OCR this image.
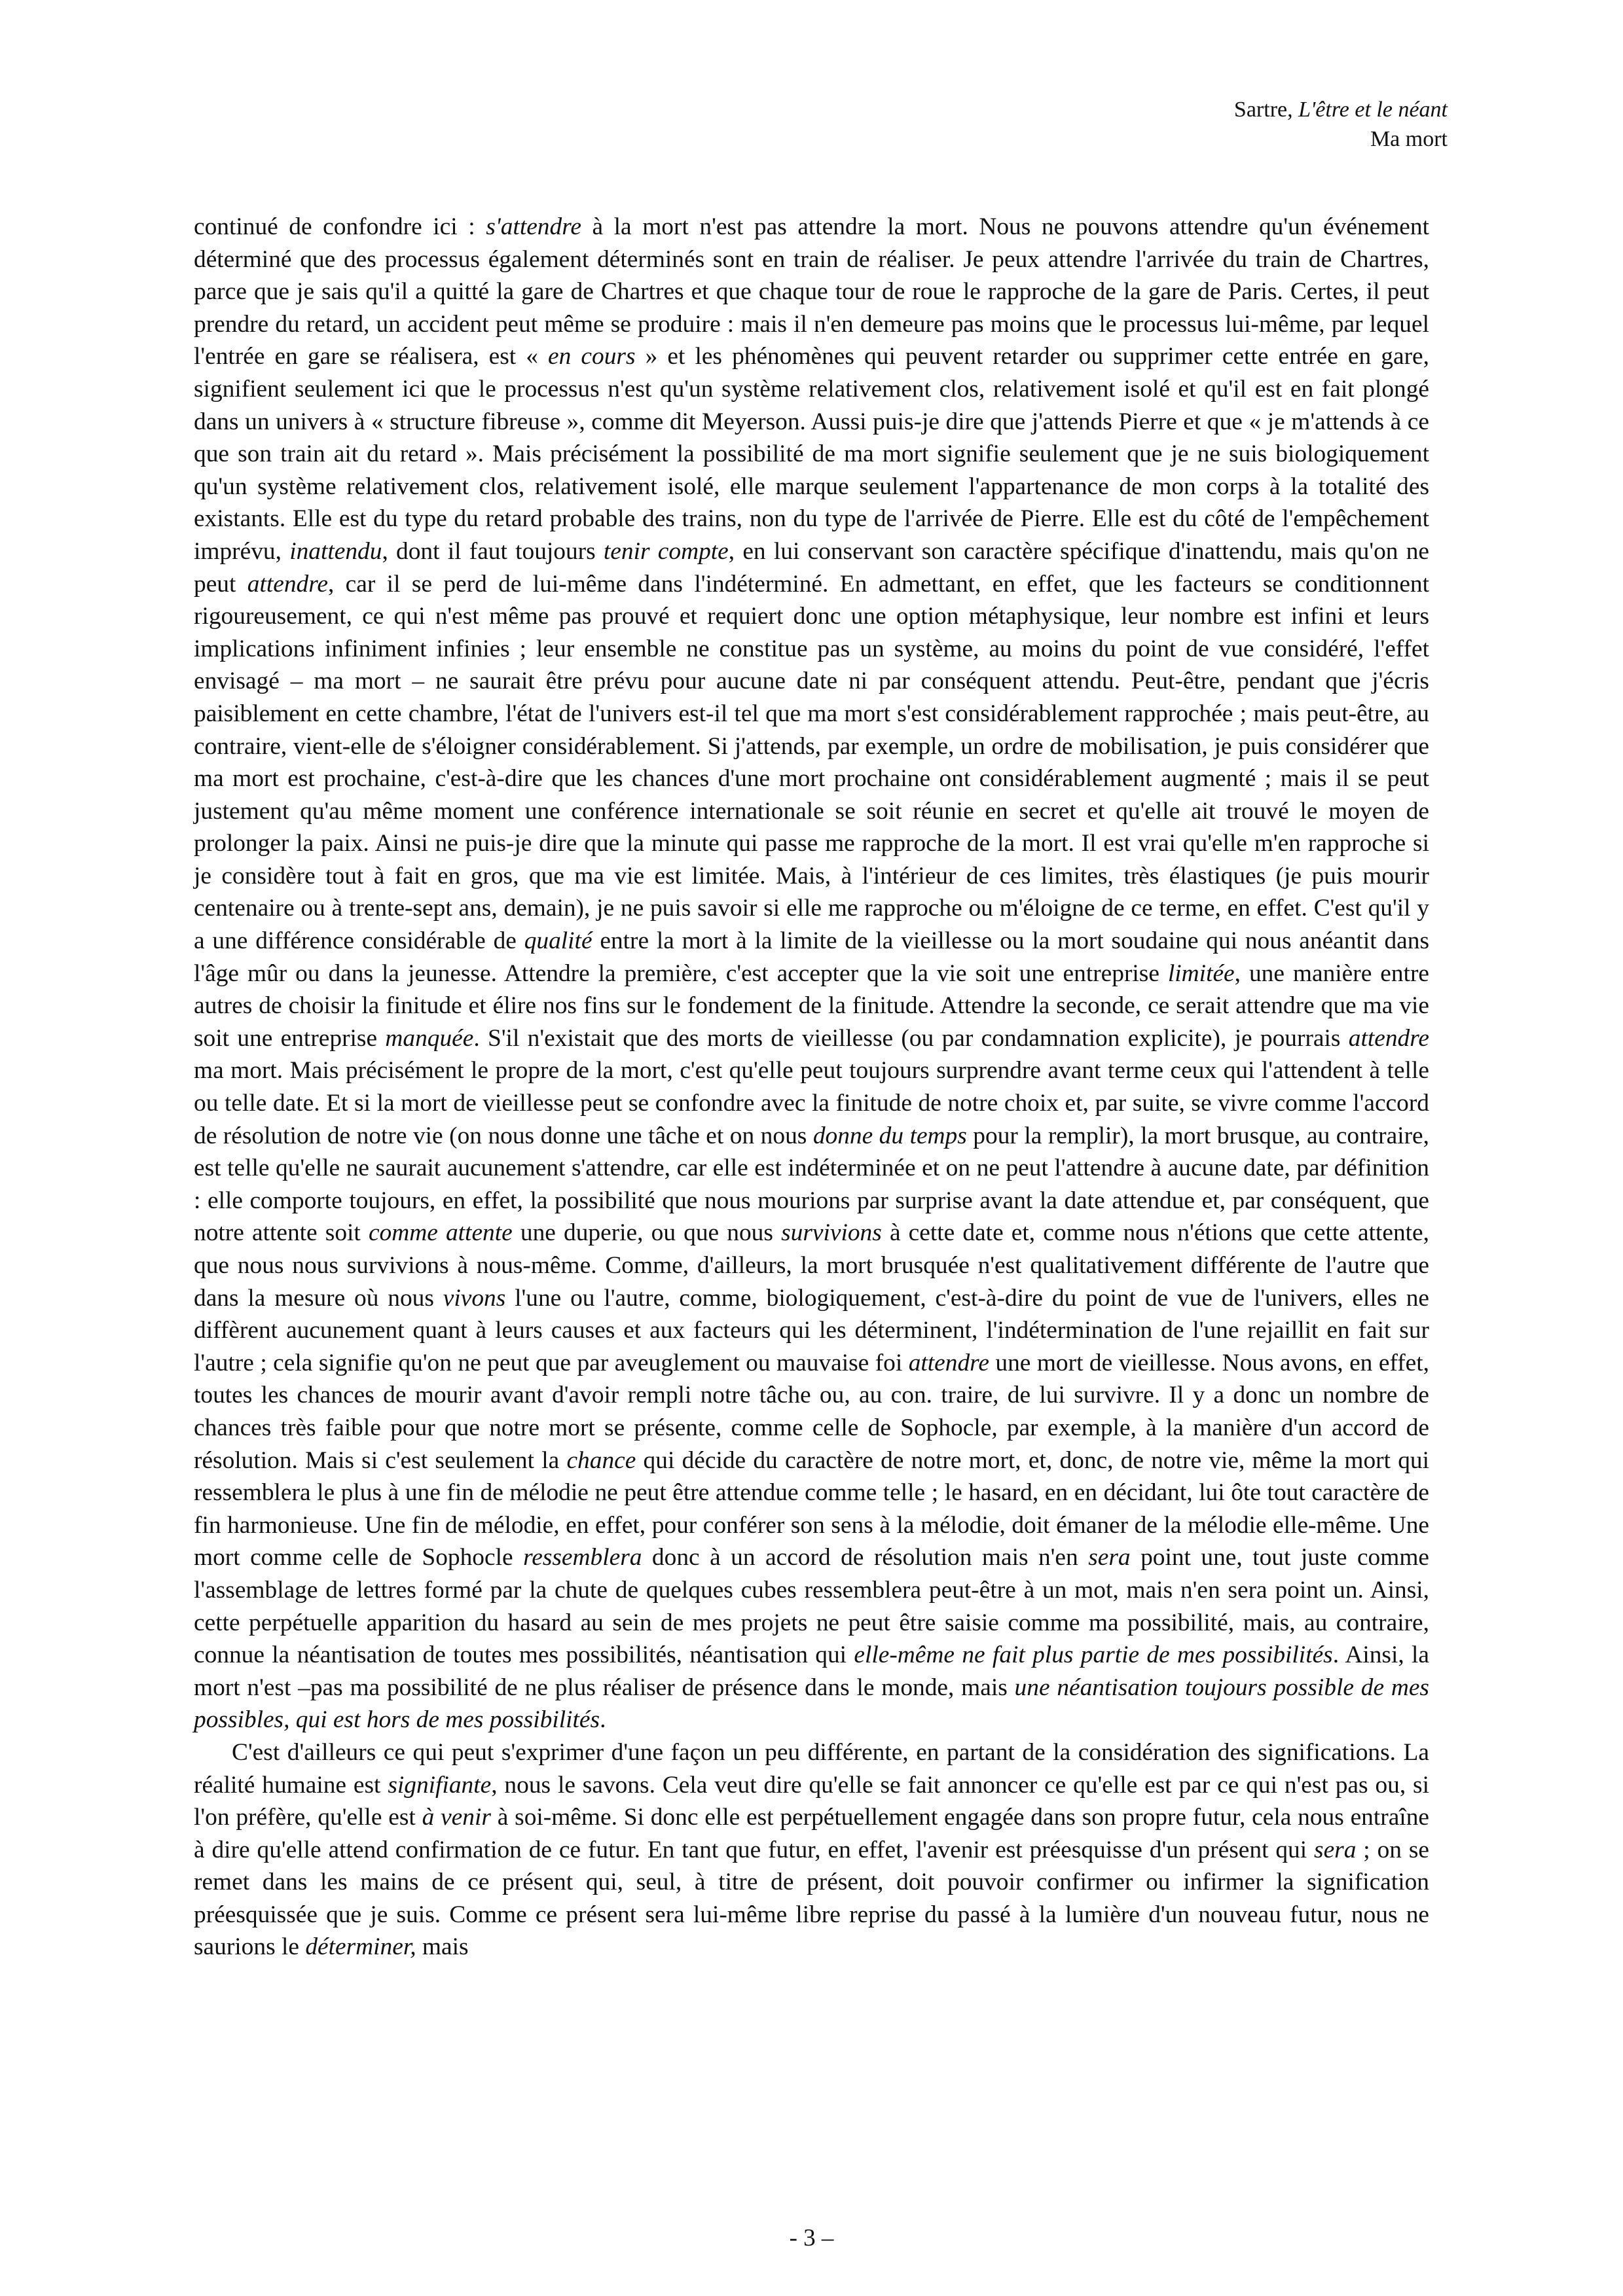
Sartre, L'être et le néant
Ma mort

continué de confondre ici : s'attendre à la mort n'est pas attendre la mort. Nous ne pouvons attendre qu'un événement déterminé que des processus également déterminés sont en train de réaliser. Je peux attendre l'arrivée du train de Chartres, parce que je sais qu'il a quitté la gare de Chartres et que chaque tour de roue le rapproche de la gare de Paris. Certes, il peut prendre du retard, un accident peut même se produire : mais il n'en demeure pas moins que le processus lui-même, par lequel l'entrée en gare se réalisera, est « en cours » et les phénomènes qui peuvent retarder ou supprimer cette entrée en gare, signifient seulement ici que le processus n'est qu'un système relativement clos, relativement isolé et qu'il est en fait plongé dans un univers à « structure fibreuse », comme dit Meyerson. Aussi puis-je dire que j'attends Pierre et que « je m'attends à ce que son train ait du retard ». Mais précisément la possibilité de ma mort signifie seulement que je ne suis biologiquement qu'un système relativement clos, relativement isolé, elle marque seulement l'appartenance de mon corps à la totalité des existants. Elle est du type du retard probable des trains, non du type de l'arrivée de Pierre. Elle est du côté de l'empêchement imprévu, inattendu, dont il faut toujours tenir compte, en lui conservant son caractère spécifique d'inattendu, mais qu'on ne peut attendre, car il se perd de lui-même dans l'indéterminé. En admettant, en effet, que les facteurs se conditionnent rigoureusement, ce qui n'est même pas prouvé et requiert donc une option métaphysique, leur nombre est infini et leurs implications infiniment infinies ; leur ensemble ne constitue pas un système, au moins du point de vue considéré, l'effet envisagé – ma mort – ne saurait être prévu pour aucune date ni par conséquent attendu. Peut-être, pendant que j'écris paisiblement en cette chambre, l'état de l'univers est-il tel que ma mort s'est considérablement rapprochée ; mais peut-être, au contraire, vient-elle de s'éloigner considérablement. Si j'attends, par exemple, un ordre de mobilisation, je puis considérer que ma mort est prochaine, c'est-à-dire que les chances d'une mort prochaine ont considérablement augmenté ; mais il se peut justement qu'au même moment une conférence internationale se soit réunie en secret et qu'elle ait trouvé le moyen de prolonger la paix. Ainsi ne puis-je dire que la minute qui passe me rapproche de la mort. Il est vrai qu'elle m'en rapproche si je considère tout à fait en gros, que ma vie est limitée. Mais, à l'intérieur de ces limites, très élastiques (je puis mourir centenaire ou à trente-sept ans, demain), je ne puis savoir si elle me rapproche ou m'éloigne de ce terme, en effet. C'est qu'il y a une différence considérable de qualité entre la mort à la limite de la vieillesse ou la mort soudaine qui nous anéantit dans l'âge mûr ou dans la jeunesse. Attendre la première, c'est accepter que la vie soit une entreprise limitée, une manière entre autres de choisir la finitude et élire nos fins sur le fondement de la finitude. Attendre la seconde, ce serait attendre que ma vie soit une entreprise manquée. S'il n'existait que des morts de vieillesse (ou par condamnation explicite), je pourrais attendre ma mort. Mais précisément le propre de la mort, c'est qu'elle peut toujours surprendre avant terme ceux qui l'attendent à telle ou telle date. Et si la mort de vieillesse peut se confondre avec la finitude de notre choix et, par suite, se vivre comme l'accord de résolution de notre vie (on nous donne une tâche et on nous donne du temps pour la remplir), la mort brusque, au contraire, est telle qu'elle ne saurait aucunement s'attendre, car elle est indéterminée et on ne peut l'attendre à aucune date, par définition : elle comporte toujours, en effet, la possibilité que nous mourions par surprise avant la date attendue et, par conséquent, que notre attente soit comme attente une duperie, ou que nous survivions à cette date et, comme nous n'étions que cette attente, que nous nous survivions à nous-même. Comme, d'ailleurs, la mort brusquée n'est qualitativement différente de l'autre que dans la mesure où nous vivons l'une ou l'autre, comme, biologiquement, c'est-à-dire du point de vue de l'univers, elles ne diffèrent aucunement quant à leurs causes et aux facteurs qui les déterminent, l'indétermination de l'une rejaillit en fait sur l'autre ; cela signifie qu'on ne peut que par aveuglement ou mauvaise foi attendre une mort de vieillesse. Nous avons, en effet, toutes les chances de mourir avant d'avoir rempli notre tâche ou, au con. traire, de lui survivre. Il y a donc un nombre de chances très faible pour que notre mort se présente, comme celle de Sophocle, par exemple, à la manière d'un accord de résolution. Mais si c'est seulement la chance qui décide du caractère de notre mort, et, donc, de notre vie, même la mort qui ressemblera le plus à une fin de mélodie ne peut être attendue comme telle ; le hasard, en en décidant, lui ôte tout caractère de fin harmonieuse. Une fin de mélodie, en effet, pour conférer son sens à la mélodie, doit émaner de la mélodie elle-même. Une mort comme celle de Sophocle ressemblera donc à un accord de résolution mais n'en sera point une, tout juste comme l'assemblage de lettres formé par la chute de quelques cubes ressemblera peut-être à un mot, mais n'en sera point un. Ainsi, cette perpétuelle apparition du hasard au sein de mes projets ne peut être saisie comme ma possibilité, mais, au contraire, connue la néantisation de toutes mes possibilités, néantisation qui elle-même ne fait plus partie de mes possibilités. Ainsi, la mort n'est –pas ma possibilité de ne plus réaliser de présence dans le monde, mais une néantisation toujours possible de mes possibles, qui est hors de mes possibilités.

C'est d'ailleurs ce qui peut s'exprimer d'une façon un peu différente, en partant de la considération des significations. La réalité humaine est signifiante, nous le savons. Cela veut dire qu'elle se fait annoncer ce qu'elle est par ce qui n'est pas ou, si l'on préfère, qu'elle est à venir à soi-même. Si donc elle est perpétuellement engagée dans son propre futur, cela nous entraîne à dire qu'elle attend confirmation de ce futur. En tant que futur, en effet, l'avenir est préesquisse d'un présent qui sera ; on se remet dans les mains de ce présent qui, seul, à titre de présent, doit pouvoir confirmer ou infirmer la signification préesquissée que je suis. Comme ce présent sera lui-même libre reprise du passé à la lumière d'un nouveau futur, nous ne saurions le déterminer, mais

- 3 –
